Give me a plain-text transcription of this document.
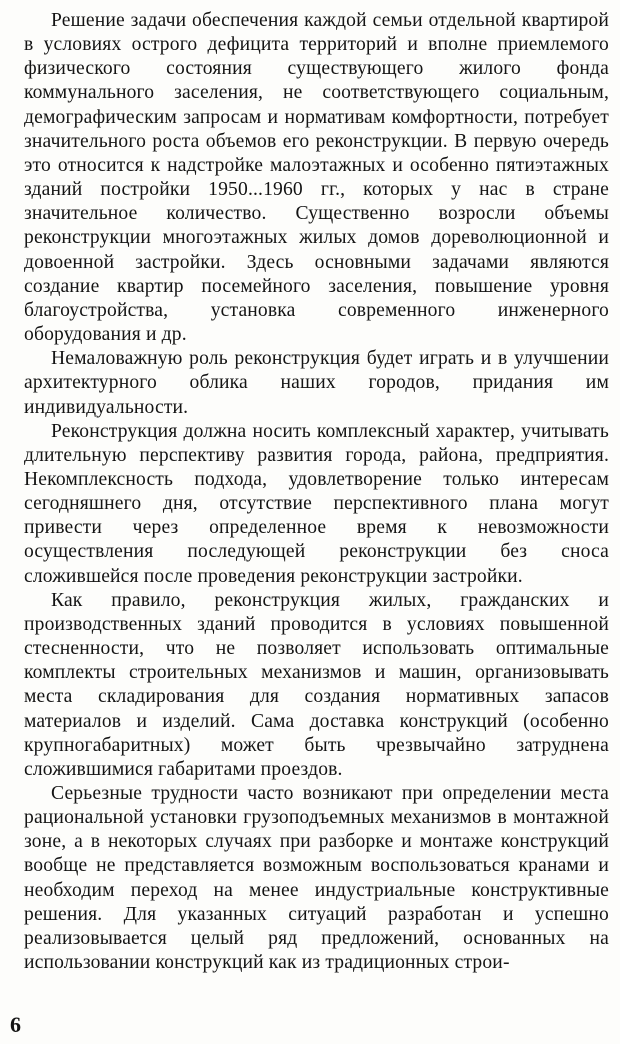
Решение задачи обеспечения каждой семьи отдельной квартирой в условиях острого дефицита территорий и вполне приемлемого физического состояния существующего жилого фонда коммунального заселения, не соответствующего социальным, демографическим запросам и нормативам комфортности, потребует значительного роста объемов его реконструкции. В первую очередь это относится к надстройке малоэтажных и особенно пятиэтажных зданий постройки 1950...1960 гг., которых у нас в стране значительное количество. Существенно возросли объемы реконструкции многоэтажных жилых домов дореволюционной и довоенной застройки. Здесь основными задачами являются создание квартир посемейного заселения, повышение уровня благоустройства, установка современного инженерного оборудования и др.

Немаловажную роль реконструкция будет играть и в улучшении архитектурного облика наших городов, придания им индивидуальности.

Реконструкция должна носить комплексный характер, учитывать длительную перспективу развития города, района, предприятия. Некомплексность подхода, удовлетворение только интересам сегодняшнего дня, отсутствие перспективного плана могут привести через определенное время к невозможности осуществления последующей реконструкции без сноса сложившейся после проведения реконструкции застройки.

Как правило, реконструкция жилых, гражданских и производственных зданий проводится в условиях повышенной стесненности, что не позволяет использовать оптимальные комплекты строительных механизмов и машин, организовывать места складирования для создания нормативных запасов материалов и изделий. Сама доставка конструкций (особенно крупногабаритных) может быть чрезвычайно затруднена сложившимися габаритами проездов.

Серьезные трудности часто возникают при определении места рациональной установки грузоподъемных механизмов в монтажной зоне, а в некоторых случаях при разборке и монтаже конструкций вообще не представляется возможным воспользоваться кранами и необходим переход на менее индустриальные конструктивные решения. Для указанных ситуаций разработан и успешно реализовывается целый ряд предложений, основанных на использовании конструкций как из традиционных строи-

6
